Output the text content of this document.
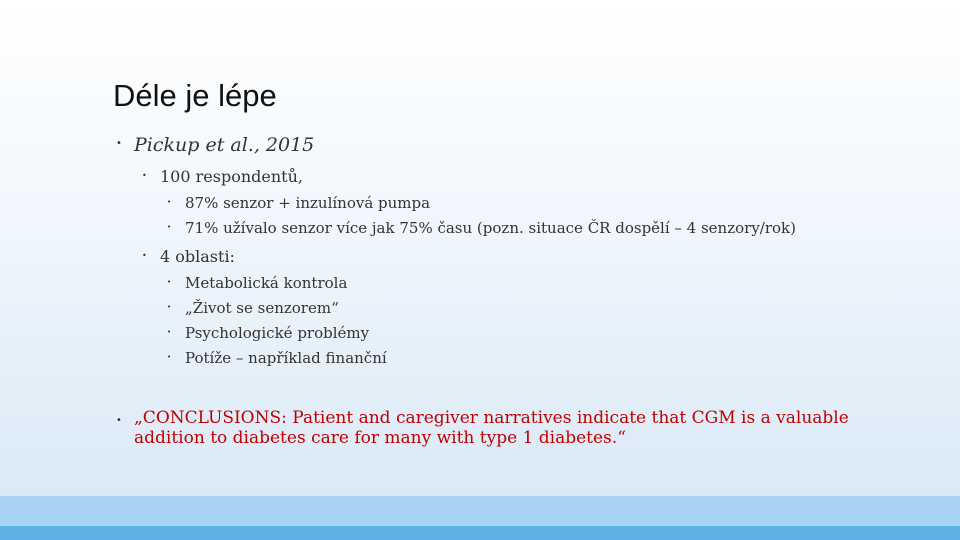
Déle je lépe
• Pickup et al., 2015
• 100 respondentů,
• 87% senzor + inzulínová pumpa
• 71% užívalo senzor více jak 75% času (pozn. situace ČR dospělí – 4 senzory/rok)
• 4 oblasti:
• Metabolická kontrola
• „Život se senzorem“
• Psychologické problémy
• Potíže – například finanční
• „CONCLUSIONS: Patient and caregiver narratives indicate that CGM is a valuable addition to diabetes care for many with type 1 diabetes.“
